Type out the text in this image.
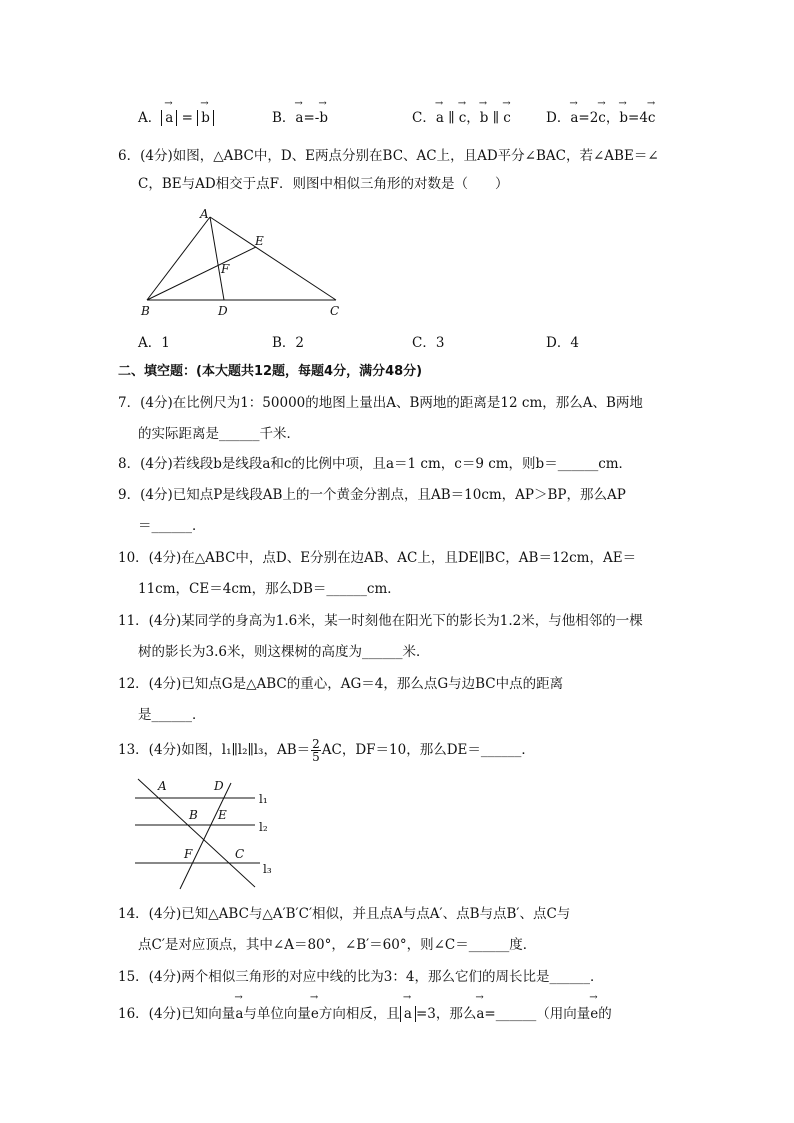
A． → a = → b	B．→ a=-→ b	C．→ a ∥ → c，→ b ∥ → c	D．→ a=2→ c，→ b=4→ c
6．(4分)如图，△ABC中，D、E两点分别在BC、AC上，且AD平分∠BAC，若∠ABE＝∠
C，BE与AD相交于点F．则图中相似三角形的对数是（　　）
A
B	C
D
E
F
A．1	B．2	C．3	D．4
二、填空题：(本大题共12题，每题4分，满分48分)
7．(4分)在比例尺为1：50000的地图上量出A、B两地的距离是12 cm，那么A、B两地
的实际距离是______千米．
8．(4分)若线段b是线段a和c的比例中项，且a＝1 cm，c＝9 cm，则b＝______cm．
9．(4分)已知点P是线段AB上的一个黄金分割点，且AB＝10cm，AP＞BP，那么AP
＝______．
10．(4分)在△ABC中，点D、E分别在边AB、AC上，且DE∥BC，AB＝12cm，AE＝
11cm，CE＝4cm，那么DB＝______cm．
11．(4分)某同学的身高为1.6米，某一时刻他在阳光下的影长为1.2米，与他相邻的一棵
树的影长为3.6米，则这棵树的高度为______米．
12．(4分)已知点G是△ABC的重心，AG＝4，那么点G与边BC中点的距离
是______．
13．(4分)如图，l₁∥l₂∥l₃，$AB= \frac{2}{5}$ AC，DF＝10，那么DE＝______．
A	D
B E
F	C
l₁
l₂
l₃
14．(4分)已知△ABC与△A′B′C′相似，并且点A与点A′、点B与点B′、点C与
点C′是对应顶点，其中∠A＝80°，∠B′＝60°，则∠C＝______度．
15．(4分)两个相似三角形的对应中线的比为3：4，那么它们的周长比是______．
16．(4分)已知向量→ a与单位向量→ e方向相反，且 → a =3，那么→ a=______（用向量→ e的
